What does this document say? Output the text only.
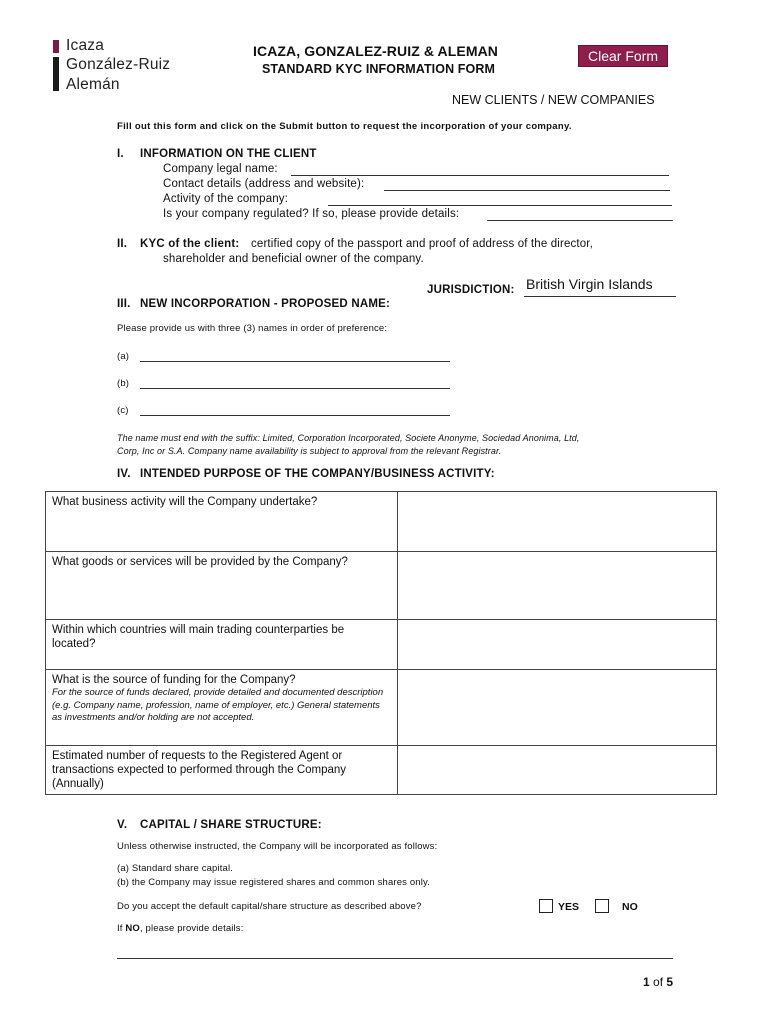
Icaza
González-Ruiz
Alemán
ICAZA, GONZALEZ-RUIZ & ALEMAN
STANDARD KYC INFORMATION FORM
Clear Form
NEW CLIENTS / NEW COMPANIES
Fill out this form and click on the Submit button to request the incorporation of your company.
I. INFORMATION ON THE CLIENT
Company legal name:
Contact details (address and website):
Activity of the company:
Is your company regulated? If so, please provide details:
II. KYC of the client: certified copy of the passport and proof of address of the director,
shareholder and beneficial owner of the company.
JURISDICTION: British Virgin Islands
III. NEW INCORPORATION - PROPOSED NAME:
Please provide us with three (3) names in order of preference:
(a)
(b)
(c)
The name must end with the suffix: Limited, Corporation Incorporated, Societe Anonyme, Sociedad Anonima, Ltd,
Corp, Inc or S.A. Company name availability is subject to approval from the relevant Registrar.
IV. INTENDED PURPOSE OF THE COMPANY/BUSINESS ACTIVITY:
What business activity will the Company undertake?	
What goods or services will be provided by the Company?	
Within which countries will main trading counterparties be located?	
What is the source of funding for the Company?
For the source of funds declared, provide detailed and documented description (e.g. Company name, profession, name of employer, etc.) General statements as investments and/or holding are not accepted.	

Estimated number of requests to the Registered Agent or transactions expected to performed through the Company (Annually)	
V. CAPITAL / SHARE STRUCTURE:
Unless otherwise instructed, the Company will be incorporated as follows:
(a) Standard share capital.
(b) the Company may issue registered shares and common shares only.
Do you accept the default capital/share structure as described above?	YES	NO
If NO, please provide details:
1 of 5
